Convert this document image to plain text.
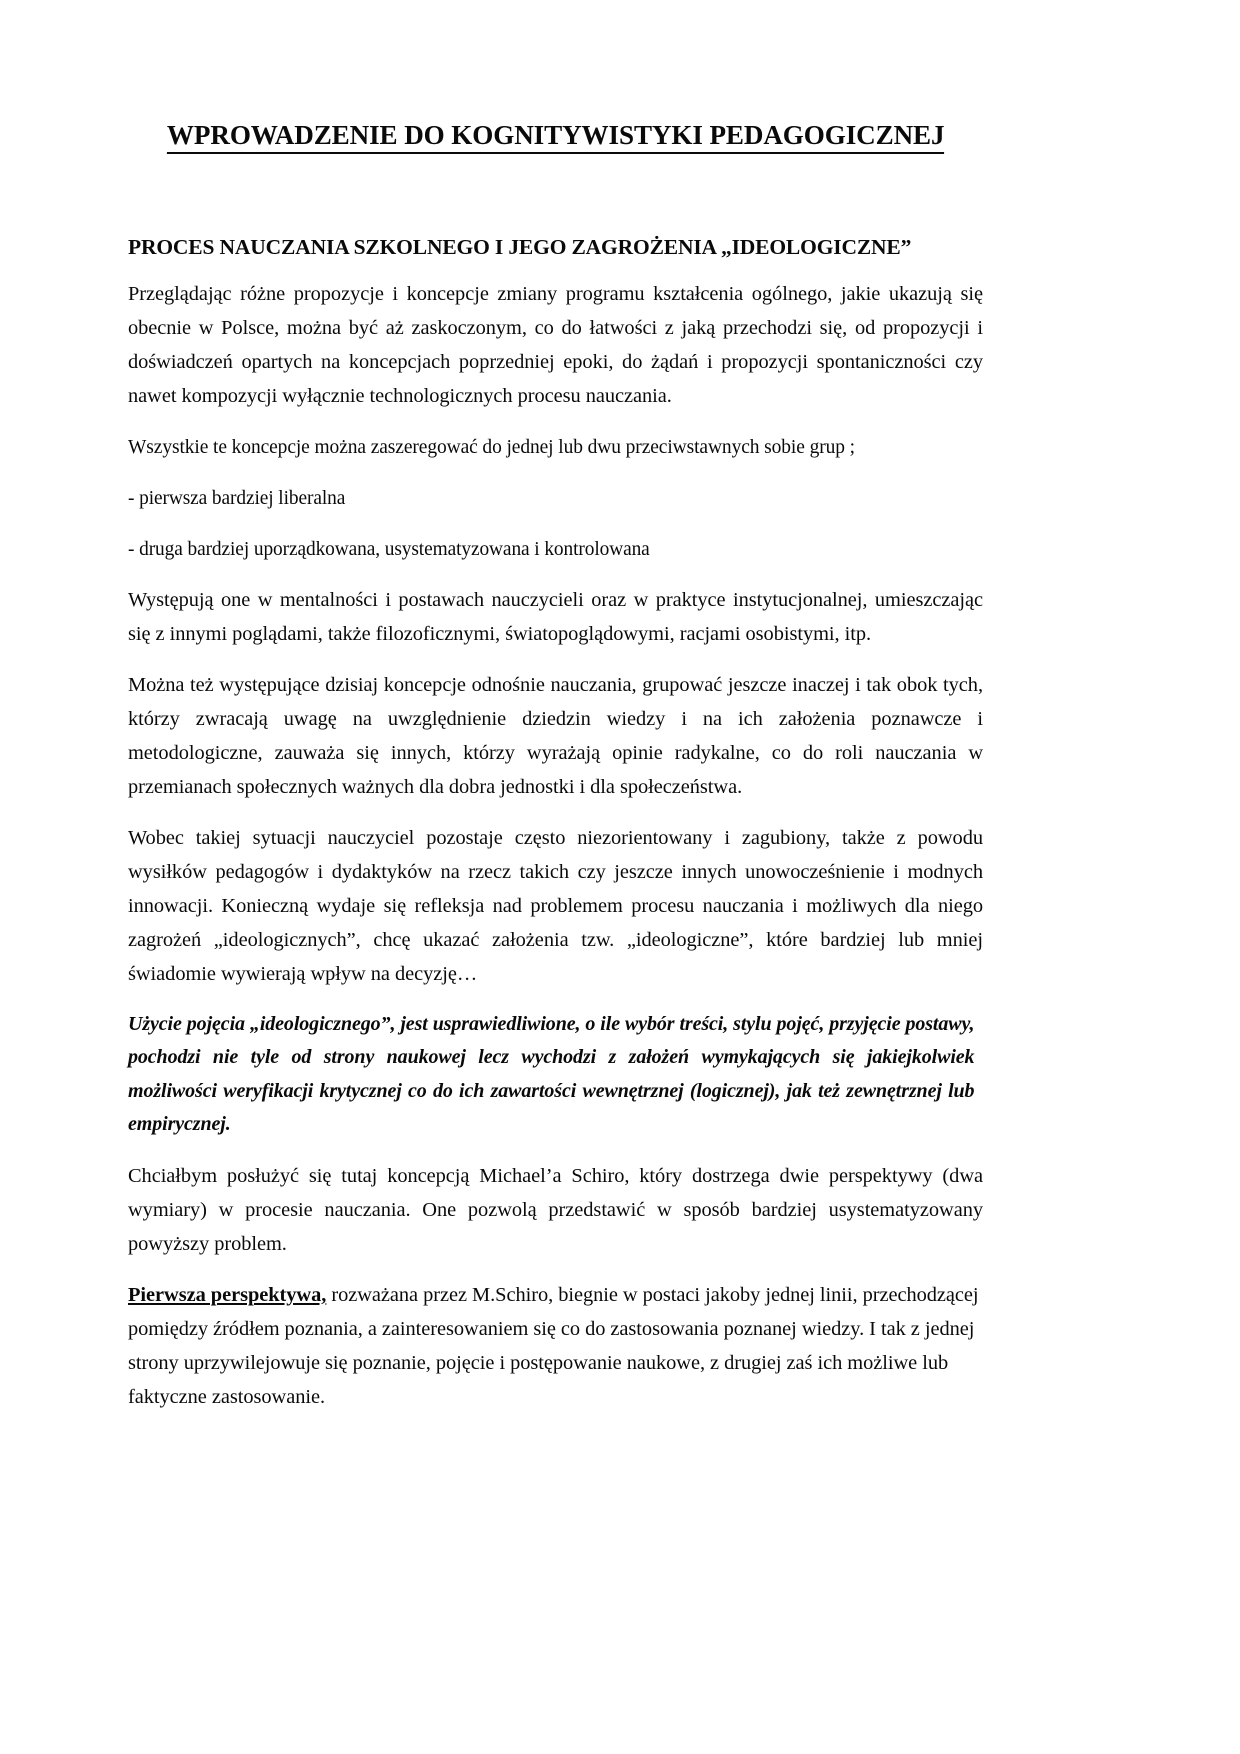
WPROWADZENIE DO KOGNITYWISTYKI PEDAGOGICZNEJ
PROCES NAUCZANIA SZKOLNEGO I JEGO ZAGROŻENIA „IDEOLOGICZNE”

Przeglądając różne propozycje i koncepcje zmiany programu kształcenia ogólnego, jakie ukazują się obecnie w Polsce, można być aż zaskoczonym, co do łatwości z jaką przechodzi się, od propozycji i doświadczeń opartych na koncepcjach poprzedniej epoki, do żądań i propozycji spontaniczności czy nawet kompozycji wyłącznie technologicznych procesu nauczania.

Wszystkie te koncepcje można zaszeregować do jednej lub dwu przeciwstawnych sobie grup ;

- pierwsza bardziej liberalna

- druga bardziej uporządkowana, usystematyzowana i kontrolowana

Występują one w mentalności i postawach nauczycieli oraz w praktyce instytucjonalnej, umieszczając się z innymi poglądami, także filozoficznymi, światopoglądowymi, racjami osobistymi, itp.

Można też występujące dzisiaj koncepcje odnośnie nauczania, grupować jeszcze inaczej i tak obok tych, którzy zwracają uwagę na uwzględnienie dziedzin wiedzy i na ich założenia poznawcze i metodologiczne, zauważa się innych, którzy wyrażają opinie radykalne, co do roli nauczania w przemianach społecznych ważnych dla dobra jednostki i dla społeczeństwa.

Wobec takiej sytuacji nauczyciel pozostaje często niezorientowany i zagubiony, także z powodu wysiłków pedagogów i dydaktyków na rzecz takich czy jeszcze innych unowocześnienie i modnych innowacji. Konieczną wydaje się refleksja nad problemem procesu nauczania i możliwych dla niego zagrożeń „ideologicznych”, chcę ukazać założenia tzw. „ideologiczne”, które bardziej lub mniej świadomie wywierają wpływ na decyzję…

Użycie pojęcia „ideologicznego”, jest usprawiedliwione, o ile wybór treści, stylu pojęć, przyjęcie postawy, pochodzi nie tyle od strony naukowej lecz wychodzi z założeń wymykających się jakiejkolwiek możliwości weryfikacji krytycznej co do ich zawartości wewnętrznej (logicznej), jak też zewnętrznej lub empirycznej.

Chciałbym posłużyć się tutaj koncepcją Michael’a Schiro, który dostrzega dwie perspektywy (dwa wymiary) w procesie nauczania. One pozwolą przedstawić w sposób bardziej usystematyzowany powyższy problem.

Pierwsza perspektywa, rozważana przez M.Schiro, biegnie w postaci jakoby jednej linii, przechodzącej pomiędzy źródłem poznania, a zainteresowaniem się co do zastosowania poznanej wiedzy. I tak z jednej strony uprzywilejowuje się poznanie, pojęcie i postępowanie naukowe, z drugiej zaś ich możliwe lub faktyczne zastosowanie.
